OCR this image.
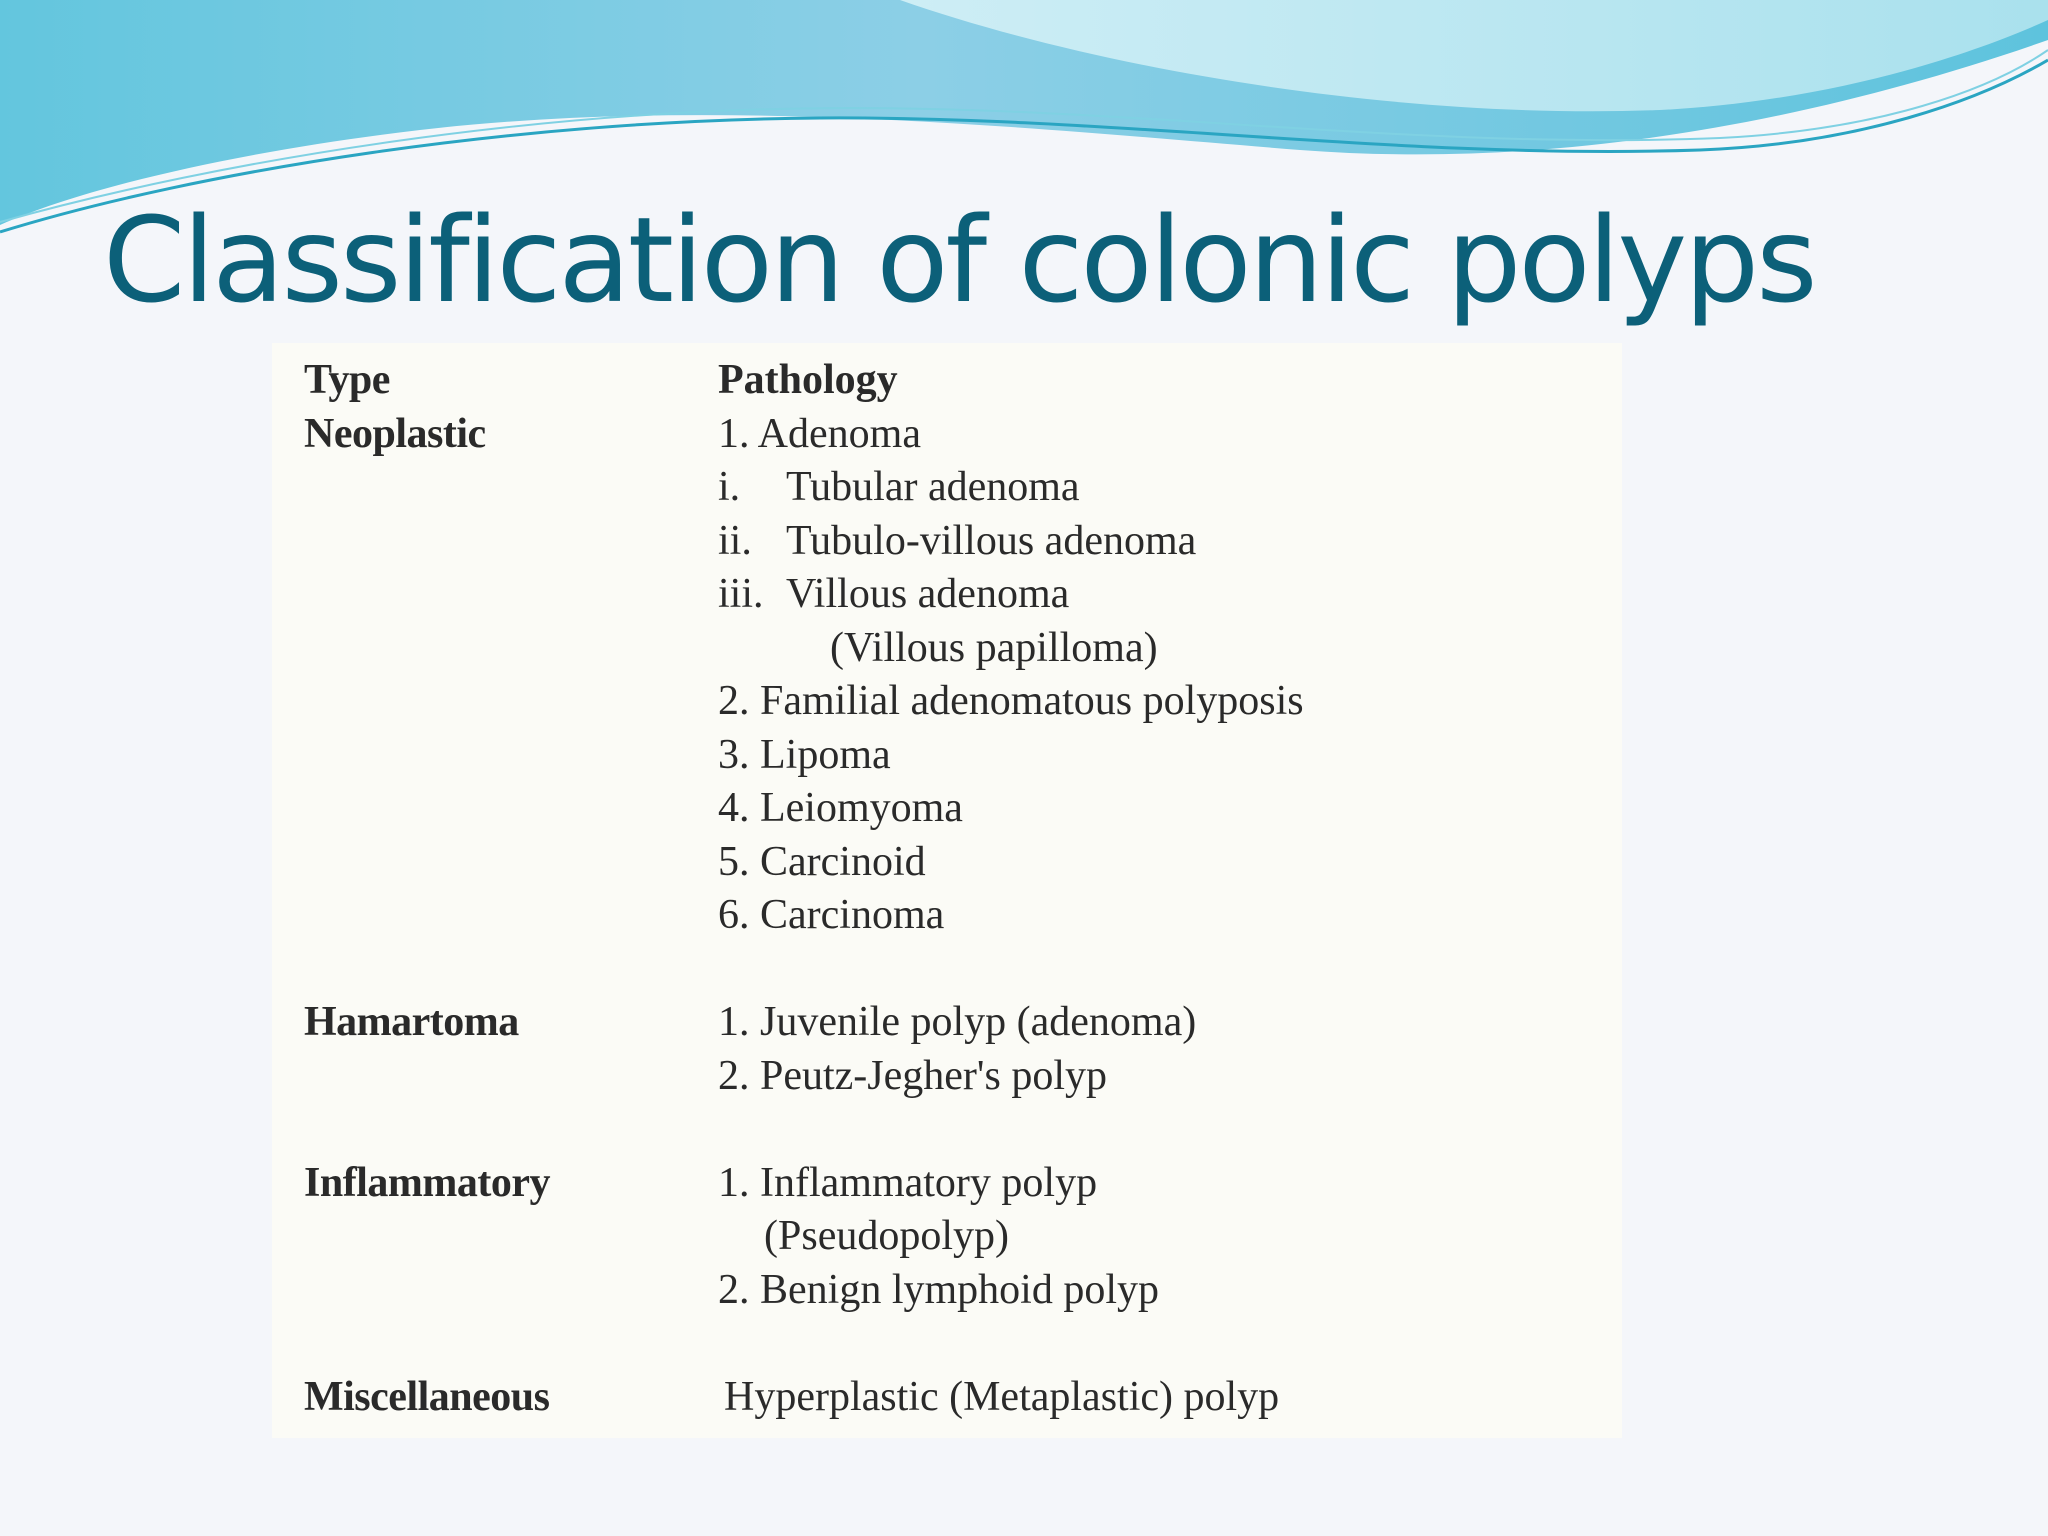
Classification of colonic polyps
Type
Neoplastic
Hamartoma
Inflammatory
Miscellaneous
Pathology
1. Adenoma
i. Tubular adenoma
ii. Tubulo-villous adenoma
iii. Villous adenoma
(Villous papilloma)
2. Familial adenomatous polyposis
3. Lipoma
4. Leiomyoma
5. Carcinoid
6. Carcinoma
1. Juvenile polyp (adenoma)
2. Peutz-Jegher's polyp
1. Inflammatory polyp
(Pseudopolyp)
2. Benign lymphoid polyp
Hyperplastic (Metaplastic) polyp
